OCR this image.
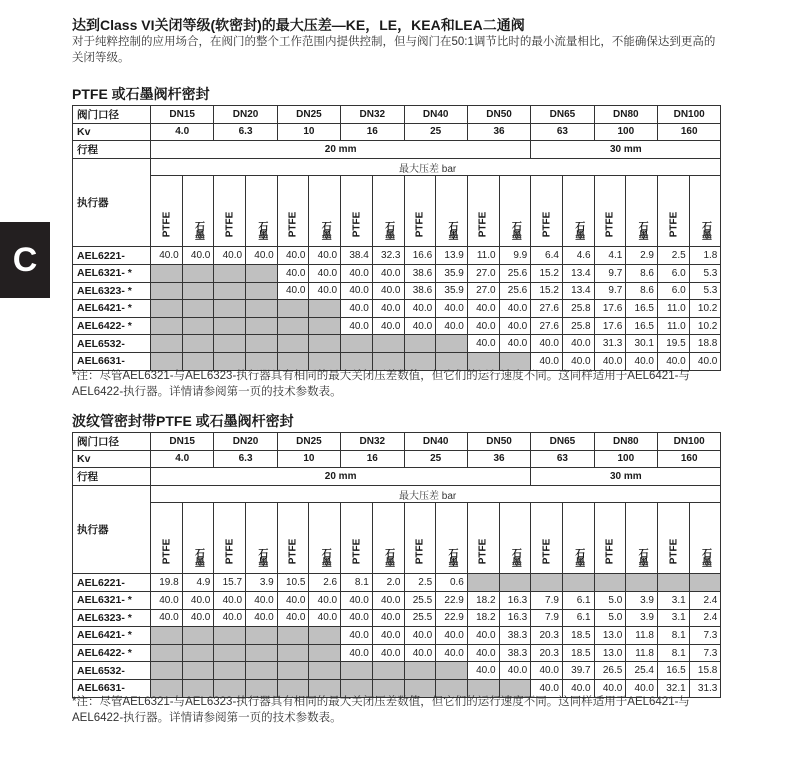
C
达到Class VI关闭等级(软密封)的最大压差—KE，LE，KEA和LEA二通阀
对于纯粹控制的应用场合，在阀门的整个工作范围内提供控制，但与阀门在50:1调节比时的最小流量相比，不能确保达到更高的关闭等级。
PTFE 或石墨阀杆密封
阀门口径	DN15		DN20		DN25		DN32		DN40		DN50		DN65		DN80		DN100	
Kv	4.0		6.3		10		16		25		36		63		100		160	
行程	20 mm												30 mm					
执行器	最大压差 bar																	
	PTFE	石墨	PTFE	石墨	PTFE	石墨	PTFE	石墨	PTFE	石墨	PTFE	石墨	PTFE	石墨	PTFE	石墨	PTFE	石墨
AEL6221-	40.0	40.0	40.0	40.0	40.0	40.0	38.4	32.3	16.6	13.9	11.0	9.9	6.4	4.6	4.1	2.9	2.5	1.8
AEL6321- *					40.0	40.0	40.0	40.0	38.6	35.9	27.0	25.6	15.2	13.4	9.7	8.6	6.0	5.3
AEL6323- *					40.0	40.0	40.0	40.0	38.6	35.9	27.0	25.6	15.2	13.4	9.7	8.6	6.0	5.3
AEL6421- *							40.0	40.0	40.0	40.0	40.0	40.0	27.6	25.8	17.6	16.5	11.0	10.2
AEL6422- *							40.0	40.0	40.0	40.0	40.0	40.0	27.6	25.8	17.6	16.5	11.0	10.2
AEL6532-											40.0	40.0	40.0	40.0	31.3	30.1	19.5	18.8
AEL6631-													40.0	40.0	40.0	40.0	40.0	40.0
*注：尽管AEL6321-与AEL6323-执行器具有相同的最大关闭压差数值，但它们的运行速度不同。这同样适用于AEL6421-与AEL6422-执行器。详情请参阅第一页的技术参数表。
波纹管密封带PTFE 或石墨阀杆密封
阀门口径	DN15		DN20		DN25		DN32		DN40		DN50		DN65		DN80		DN100	
Kv	4.0		6.3		10		16		25		36		63		100		160	
行程	20 mm												30 mm					
执行器	最大压差 bar																	
	PTFE	石墨	PTFE	石墨	PTFE	石墨	PTFE	石墨	PTFE	石墨	PTFE	石墨	PTFE	石墨	PTFE	石墨	PTFE	石墨
AEL6221-	19.8	4.9	15.7	3.9	10.5	2.6	8.1	2.0	2.5	0.6								
AEL6321- *	40.0	40.0	40.0	40.0	40.0	40.0	40.0	40.0	25.5	22.9	18.2	16.3	7.9	6.1	5.0	3.9	3.1	2.4
AEL6323- *	40.0	40.0	40.0	40.0	40.0	40.0	40.0	40.0	25.5	22.9	18.2	16.3	7.9	6.1	5.0	3.9	3.1	2.4
AEL6421- *							40.0	40.0	40.0	40.0	40.0	38.3	20.3	18.5	13.0	11.8	8.1	7.3
AEL6422- *							40.0	40.0	40.0	40.0	40.0	38.3	20.3	18.5	13.0	11.8	8.1	7.3
AEL6532-											40.0	40.0	40.0	39.7	26.5	25.4	16.5	15.8
AEL6631-													40.0	40.0	40.0	40.0	32.1	31.3
*注：尽管AEL6321-与AEL6323-执行器具有相同的最大关闭压差数值，但它们的运行速度不同。这同样适用于AEL6421-与AEL6422-执行器。详情请参阅第一页的技术参数表。
